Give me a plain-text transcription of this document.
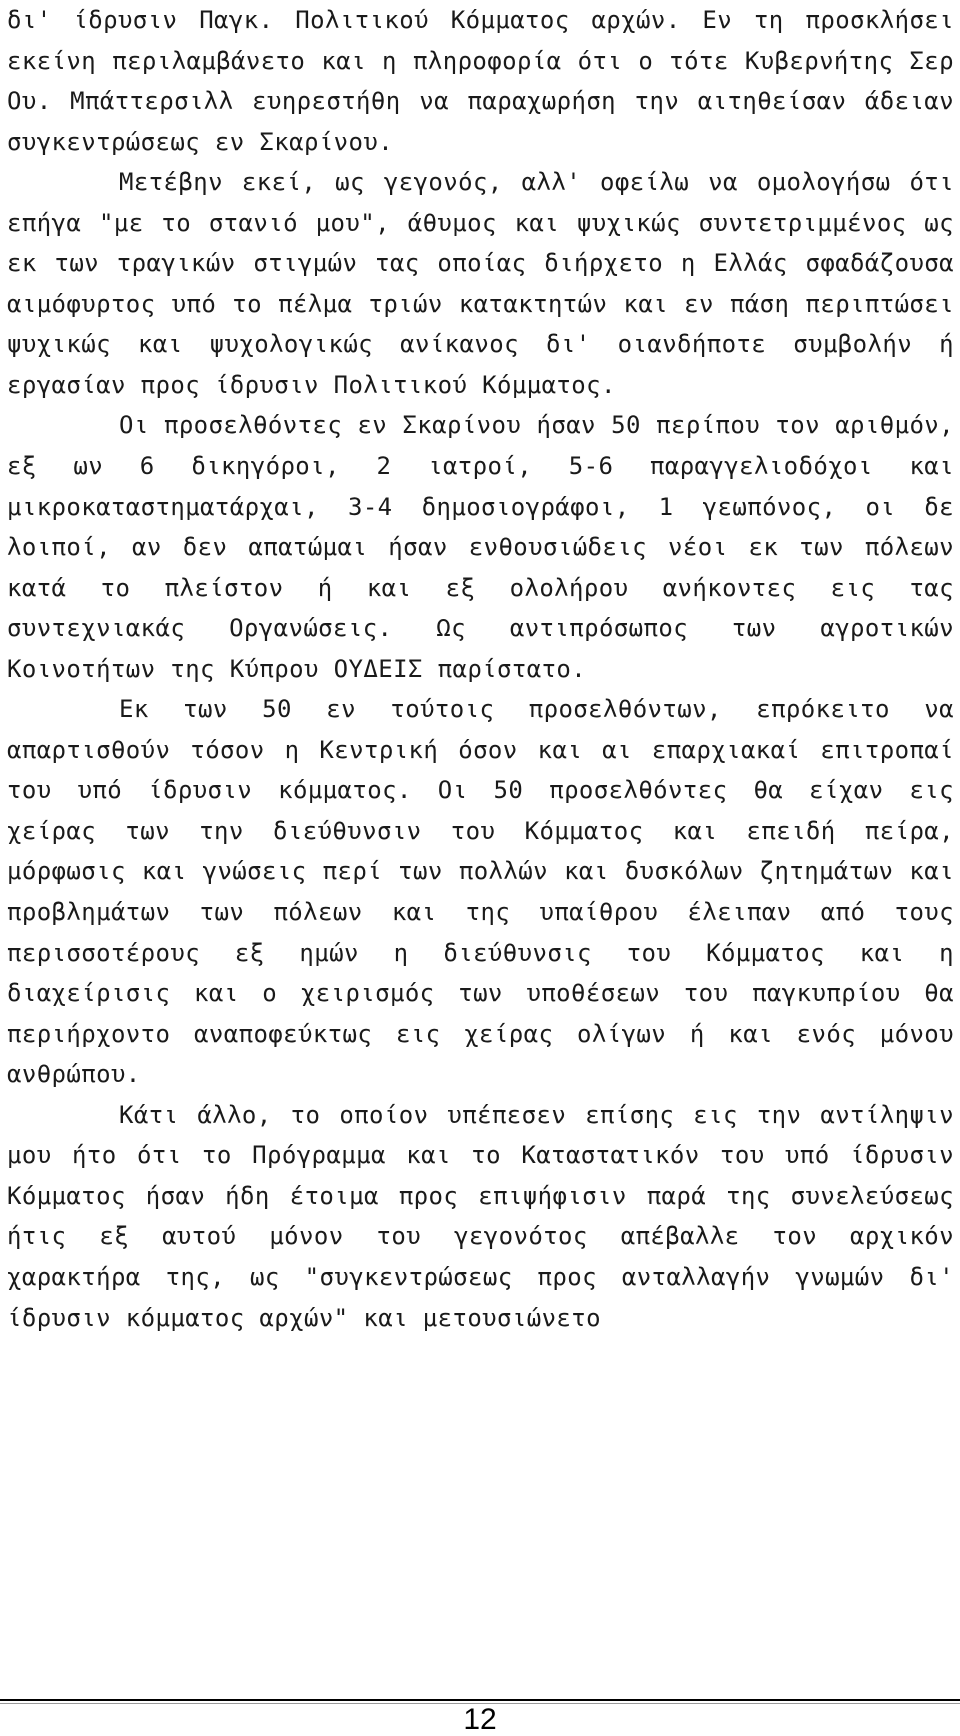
δι' ίδρυσιν Παγκ. Πολιτικού Κόμματος αρχών. Εν τη προσκλήσει εκείνη περιλαμβάνετο και η πληροφορία ότι ο τότε Κυβερνήτης Σερ Ου. Μπάττερσιλλ ευηρεστήθη να παραχωρήση την αιτηθείσαν άδειαν συγκεντρώσεως εν Σκαρίνου.

Μετέβην εκεί, ως γεγονός, αλλ' οφείλω να ομολογήσω ότι επήγα "με το στανιό μου", άθυμος και ψυχικώς συντετριμμένος ως εκ των τραγικών στιγμών τας οποίας διήρχετο η Ελλάς σφαδάζουσα αιμόφυρτος υπό το πέλμα τριών κατακτητών και εν πάση περιπτώσει ψυχικώς και ψυχολογικώς ανίκανος δι' οιανδήποτε συμβολήν ή εργασίαν προς ίδρυσιν Πολιτικού Κόμματος.

Οι προσελθόντες εν Σκαρίνου ήσαν 50 περίπου τον αριθμόν, εξ ων 6 δικηγόροι, 2 ιατροί, 5-6 παραγγελιοδόχοι και μικροκαταστηματάρχαι, 3-4 δημοσιογράφοι, 1 γεωπόνος, οι δε λοιποί, αν δεν απατώμαι ήσαν ενθουσιώδεις νέοι εκ των πόλεων κατά το πλείστον ή και εξ ολολήρου ανήκοντες εις τας συντεχνιακάς Οργανώσεις. Ως αντιπρόσωπος των αγροτικών Κοινοτήτων της Κύπρου ΟΥΔΕΙΣ παρίστατο.

Εκ των 50 εν τούτοις προσελθόντων, επρόκειτο να απαρτισθούν τόσον η Κεντρική όσον και αι επαρχιακαί επιτροπαί του υπό ίδρυσιν κόμματος. Οι 50 προσελθόντες θα είχαν εις χείρας των την διεύθυνσιν του Κόμματος και επειδή πείρα, μόρφωσις και γνώσεις περί των πολλών και δυσκόλων ζητημάτων και προβλημάτων των πόλεων και της υπαίθρου έλειπαν από τους περισσοτέρους εξ ημών η διεύθυνσις του Κόμματος και η διαχείρισις και ο χειρισμός των υποθέσεων του παγκυπρίου θα περιήρχοντο αναποφεύκτως εις χείρας ολίγων ή και ενός μόνου ανθρώπου.

Κάτι άλλο, το οποίον υπέπεσεν επίσης εις την αντίληψιν μου ήτο ότι το Πρόγραμμα και το Καταστατικόν του υπό ίδρυσιν Κόμματος ήσαν ήδη έτοιμα προς επιψήφισιν παρά της συνελεύσεως ήτις εξ αυτού μόνον του γεγονότος απέβαλλε τον αρχικόν χαρακτήρα της, ως "συγκεντρώσεως προς ανταλλαγήν γνωμών δι' ίδρυσιν κόμματος αρχών" και μετουσιώνετο

12
